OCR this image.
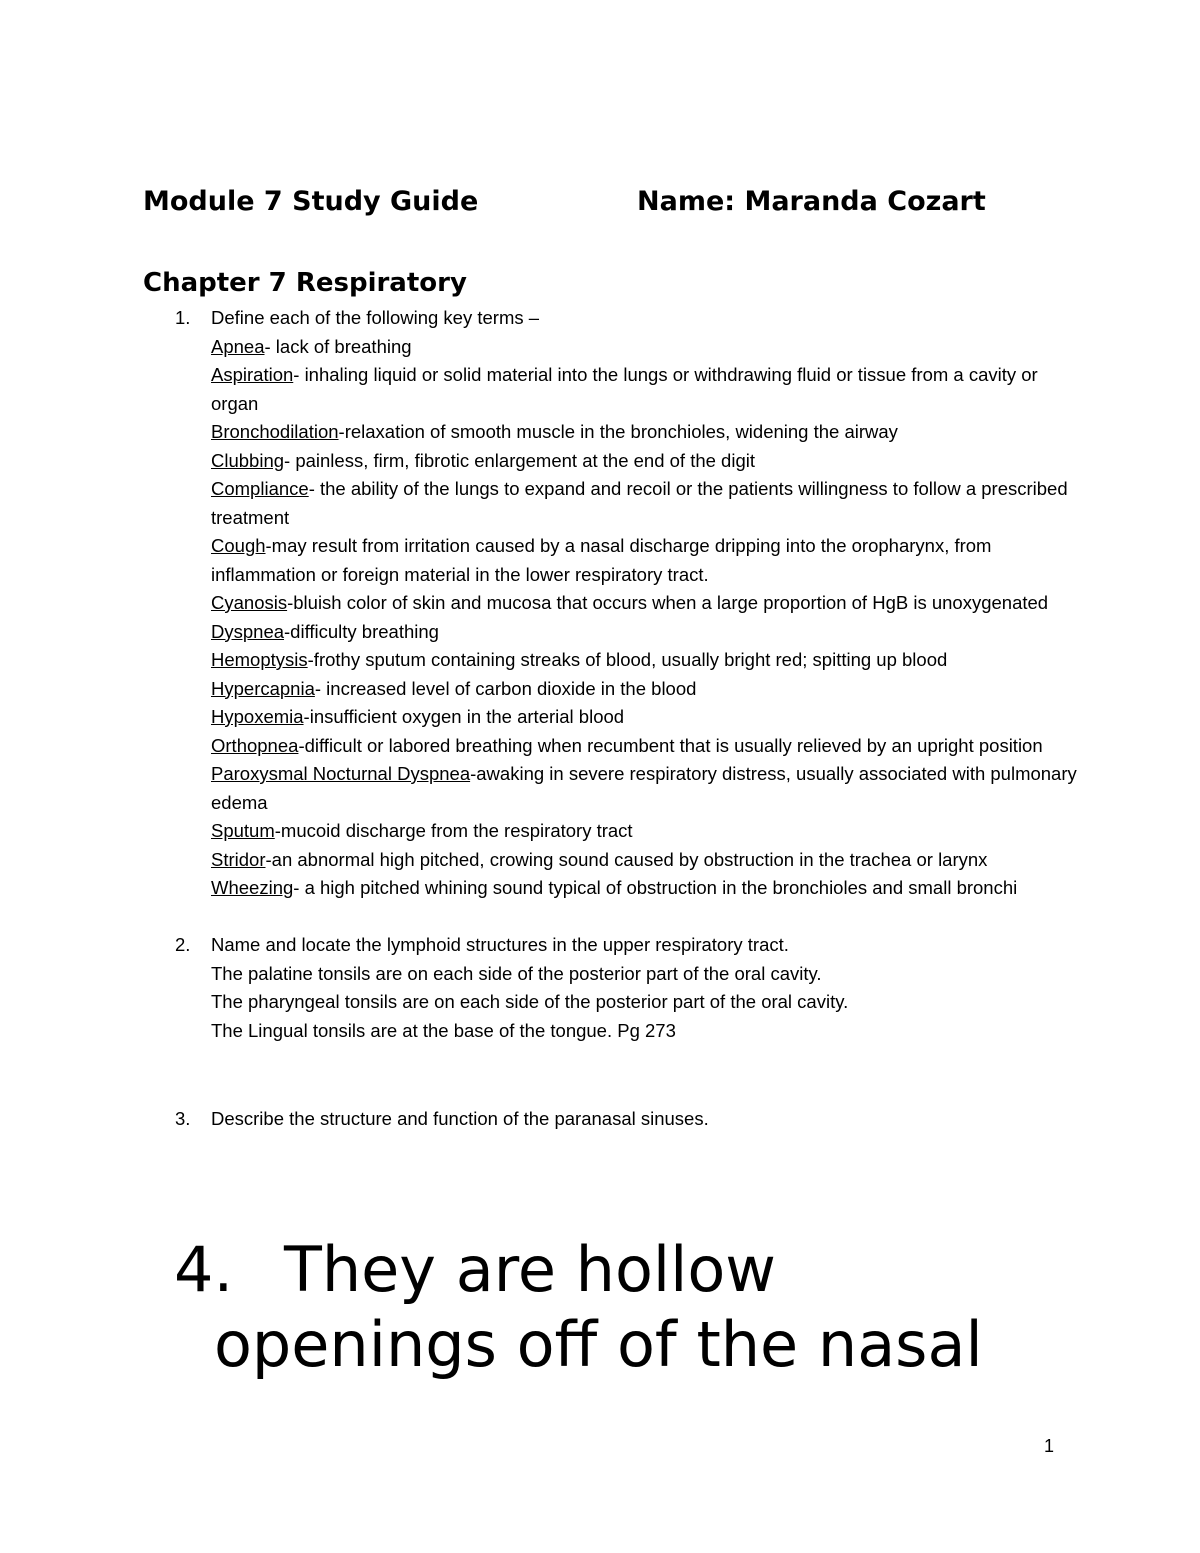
Module 7 Study Guide	Name: Maranda Cozart
Chapter 7 Respiratory
1. Define each of the following key terms –
Apnea- lack of breathing
Aspiration- inhaling liquid or solid material into the lungs or withdrawing fluid or tissue from a cavity or organ
Bronchodilation-relaxation of smooth muscle in the bronchioles, widening the airway
Clubbing- painless, firm, fibrotic enlargement at the end of the digit
Compliance- the ability of the lungs to expand and recoil or the patients willingness to follow a prescribed treatment
Cough-may result from irritation caused by a nasal discharge dripping into the oropharynx, from inflammation or foreign material in the lower respiratory tract.
Cyanosis-bluish color of skin and mucosa that occurs when a large proportion of HgB is unoxygenated
Dyspnea-difficulty breathing
Hemoptysis-frothy sputum containing streaks of blood, usually bright red; spitting up blood
Hypercapnia- increased level of carbon dioxide in the blood
Hypoxemia-insufficient oxygen in the arterial blood
Orthopnea-difficult or labored breathing when recumbent that is usually relieved by an upright position
Paroxysmal Nocturnal Dyspnea-awaking in severe respiratory distress, usually associated with pulmonary edema
Sputum-mucoid discharge from the respiratory tract
Stridor-an abnormal high pitched, crowing sound caused by obstruction in the trachea or larynx
Wheezing- a high pitched whining sound typical of obstruction in the bronchioles and small bronchi
2. Name and locate the lymphoid structures in the upper respiratory tract.
The palatine tonsils are on each side of the posterior part of the oral cavity.
The pharyngeal tonsils are on each side of the posterior part of the oral cavity.
The Lingual tonsils are at the base of the tongue. Pg 273
3. Describe the structure and function of the paranasal sinuses.
4. They are hollow openings off of the nasal
1
